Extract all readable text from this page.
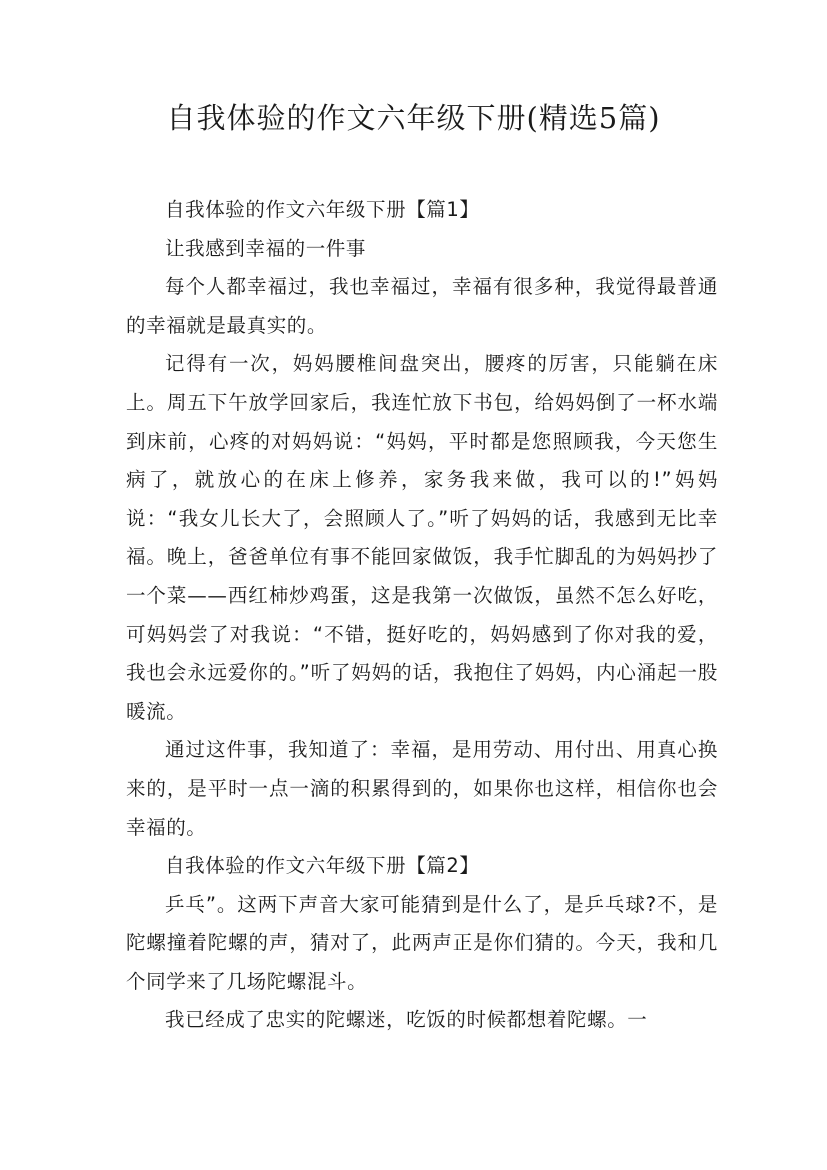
自我体验的作文六年级下册(精选5篇)

自我体验的作文六年级下册【篇1】

让我感到幸福的一件事

每个人都幸福过，我也幸福过，幸福有很多种，我觉得最普通的幸福就是最真实的。

记得有一次，妈妈腰椎间盘突出，腰疼的厉害，只能躺在床上。周五下午放学回家后，我连忙放下书包，给妈妈倒了一杯水端到床前，心疼的对妈妈说：“妈妈，平时都是您照顾我，今天您生病了，就放心的在床上修养，家务我来做，我可以的!”妈妈说：“我女儿长大了，会照顾人了。”听了妈妈的话，我感到无比幸福。晚上，爸爸单位有事不能回家做饭，我手忙脚乱的为妈妈抄了一个菜——西红柿炒鸡蛋，这是我第一次做饭，虽然不怎么好吃，可妈妈尝了对我说：“不错，挺好吃的，妈妈感到了你对我的爱，我也会永远爱你的。”听了妈妈的话，我抱住了妈妈，内心涌起一股暖流。

通过这件事，我知道了：幸福，是用劳动、用付出、用真心换来的，是平时一点一滴的积累得到的，如果你也这样，相信你也会幸福的。

自我体验的作文六年级下册【篇2】

乒乓”。这两下声音大家可能猜到是什么了，是乒乓球?不，是陀螺撞着陀螺的声，猜对了，此两声正是你们猜的。今天，我和几个同学来了几场陀螺混斗。

我已经成了忠实的陀螺迷，吃饭的时候都想着陀螺。一
